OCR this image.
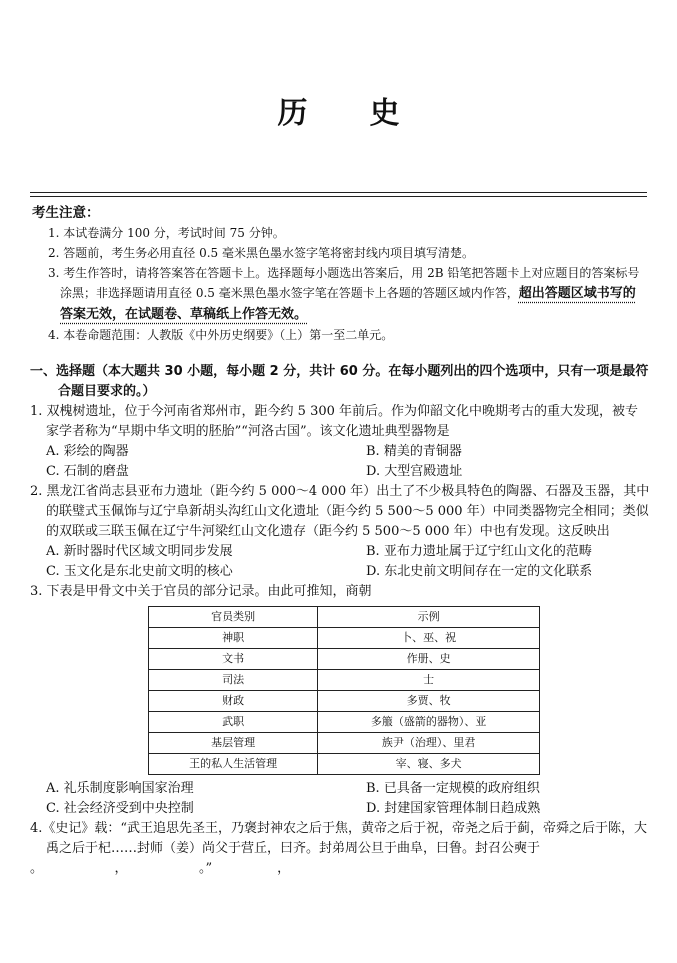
历史
考生注意：
1. 本试卷满分 100 分，考试时间 75 分钟。
2. 答题前，考生务必用直径 0.5 毫米黑色墨水签字笔将密封线内项目填写清楚。
3. 考生作答时，请将答案答在答题卡上。选择题每小题选出答案后，用 2B 铅笔把答题卡上对应题目的答案标号涂黑；非选择题请用直径 0.5 毫米黑色墨水签字笔在答题卡上各题的答题区域内作答，超出答题区域书写的答案无效，在试题卷、草稿纸上作答无效。
4. 本卷命题范围：人教版《中外历史纲要》（上）第一至二单元。
一、选择题（本大题共 30 小题，每小题 2 分，共计 60 分。在每小题列出的四个选项中，只有一项是最符合题目要求的。）
1. 双槐树遗址，位于今河南省郑州市，距今约 5 300 年前后。作为仰韶文化中晚期考古的重大发现，被专家学者称为“早期中华文明的胚胎”“河洛古国”。该文化遗址典型器物是
A. 彩绘的陶器	B. 精美的青铜器
C. 石制的磨盘	D. 大型宫殿遗址
2. 黑龙江省尚志县亚布力遗址（距今约 5 000～4 000 年）出土了不少极具特色的陶器、石器及玉器，其中的联璧式玉佩饰与辽宁阜新胡头沟红山文化遗址（距今约 5 500～5 000 年）中同类器物完全相同；类似的双联或三联玉佩在辽宁牛河梁红山文化遗存（距今约 5 500～5 000 年）中也有发现。这反映出
A. 新时器时代区域文明同步发展	B. 亚布力遗址属于辽宁红山文化的范畴
C. 玉文化是东北史前文明的核心	D. 东北史前文明间存在一定的文化联系
3. 下表是甲骨文中关于官员的部分记录。由此可推知，商朝
官员类别	示例
神职	卜、巫、祝
文书	作册、史
司法	士
财政	多贾、牧
武职	多箙（盛箭的器物）、亚
基层管理	族尹（治理）、里君
王的私人生活管理	宰、寝、多犬
A. 礼乐制度影响国家治理	B. 已具备一定规模的政府组织
C. 社会经济受到中央控制	D. 封建国家管理体制日趋成熟
4.《史记》载：“武王追思先圣王，乃褒封神农之后于焦，黄帝之后于祝，帝尧之后于蓟，帝舜之后于陈，大禹之后于杞……封师（姜）尚父于营丘，曰齐。封弟周公旦于曲阜，曰鲁。封召公奭于
。　　　　　　，　　　　　　。”　　　　　，
